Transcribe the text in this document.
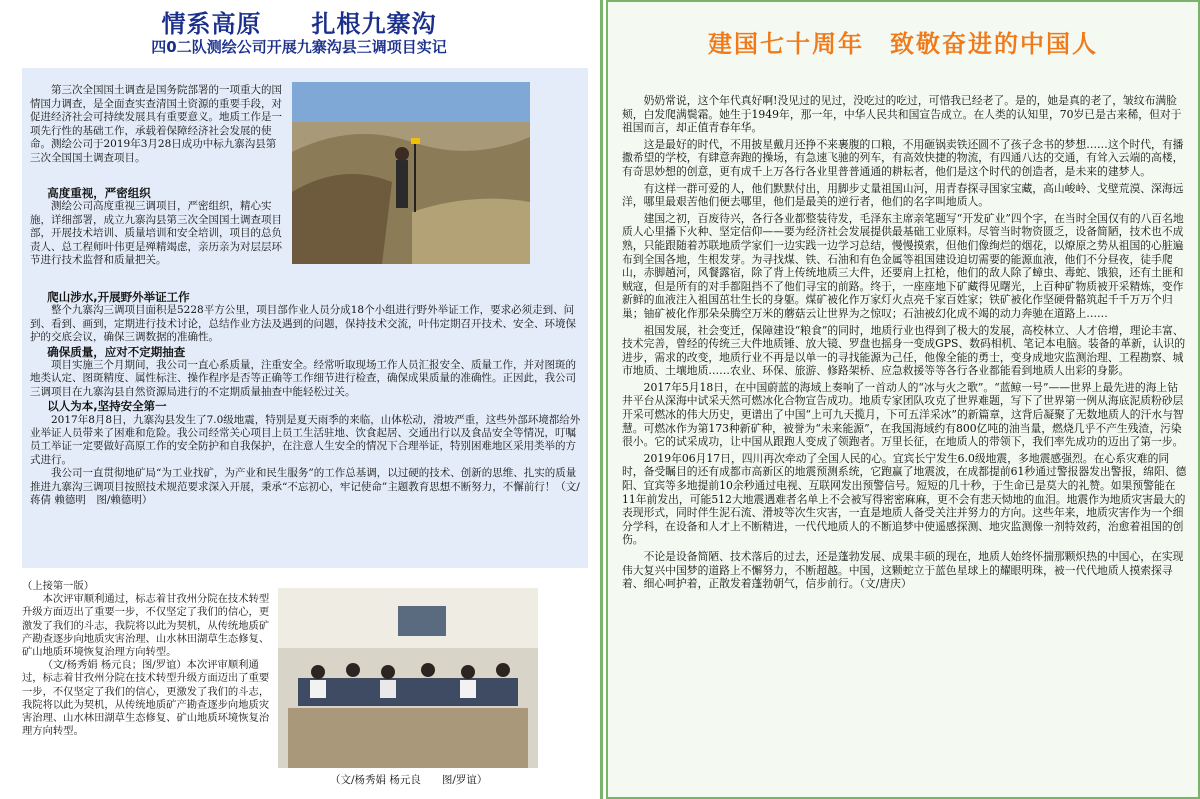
情系高原　　扎根九寨沟
四0二队测绘公司开展九寨沟县三调项目实记

第三次全国国土调查是国务院部署的一项重大的国情国力调查，是全面查实查清国土资源的重要手段，对促进经济社会可持续发展具有重要意义。地质工作是一项先行性的基础工作，承载着保障经济社会发展的使命。测绘公司于2019年3月28日成功中标九寨沟县第三次全国国土调查项目。

高度重视，严密组织

测绘公司高度重视三调项目，严密组织，精心实施，详细部署，成立九寨沟县第三次全国国土调查项目部，开展技术培训、质量培训和安全培训，项目的总负责人、总工程师叶伟更是殚精竭虑，亲历亲为对层层环节进行技术监督和质量把关。

爬山涉水,开展野外举证工作

整个九寨沟三调项目面积是5228平方公里，项目部作业人员分成18个小组进行野外举证工作，要求必须走到、问到、看到、画到，定期进行技术讨论，总结作业方法及遇到的问题，保持技术交流，叶伟定期召开技术、安全、环境保护的交底会议，确保三调数据的准确性。

确保质量，应对不定期抽查

项目实施三个月期间，我公司一直心系质量，注重安全。经常听取现场工作人员汇报安全、质量工作，并对图斑的地类认定、图斑精度、属性标注、操作程序是否等正确等工作细节进行检查，确保成果质量的准确性。正因此，我公司三调项目在九寨沟县自然资源局进行的不定期质量抽查中能轻松过关。

以人为本,坚持安全第一

2017年8月8日，九寨沟县发生了7.0级地震，特别是夏天雨季的来临，山体松动，滑坡严重，这些外部环境都给外业举证人员带来了困难和危险。我公司经常关心项目上员工生活驻地、饮食起居、交通出行以及食品安全等情况，叮嘱员工举证一定要做好高原工作的安全防护和自我保护，在注意人生安全的情况下合理举证，特别困难地区采用类举的方式进行。

我公司一直贯彻地矿局“为工业找矿，为产业和民生服务”的工作总基调，以过硬的技术、创新的思维、扎实的质量推进九寨沟三调项目按照技术规范要求深入开展，秉承“不忘初心，牢记使命”主题教育思想不断努力，不懈前行！（文/蒋倩 赖德明　图/赖德明）

（上接第一版）

本次评审顺利通过，标志着甘孜州分院在技术转型升级方面迈出了重要一步，不仅坚定了我们的信心，更激发了我们的斗志，我院将以此为契机，从传统地质矿产勘查逐步向地质灾害治理、山水林田湖草生态修复、矿山地质环境恢复治理方向转型。

（文/杨秀娟 杨元良；图/罗谊）本次评审顺利通过，标志着甘孜州分院在技术转型升级方面迈出了重要一步，不仅坚定了我们的信心，更激发了我们的斗志，我院将以此为契机，从传统地质矿产勘查逐步向地质灾害治理、山水林田湖草生态修复、矿山地质环境恢复治理方向转型。

（文/杨秀娟 杨元良　　图/罗谊）
建国七十周年　致敬奋进的中国人

奶奶常说，这个年代真好啊!没见过的见过，没吃过的吃过，可惜我已经老了。是的，她是真的老了，皱纹布满脸颊，白发爬满鬓霜。她生于1949年，那一年，中华人民共和国宣告成立。在人类的认知里，70岁已是古来稀，但对于祖国而言，却正值青春年华。

这是最好的时代，不用披星戴月还挣不来裹腹的口粮，不用砸锅卖铁还圆不了孩子念书的梦想……这个时代，有播撒希望的学校，有肆意奔跑的操场，有急速飞驰的列车，有高效快捷的物流，有四通八达的交通，有耸入云端的高楼，有奇思妙想的创意，更有成千上万各行各业里普普通通的耕耘者，他们是这个时代的创造者，是未来的建梦人。

有这样一群可爱的人，他们默默付出，用脚步丈量祖国山河，用青春探寻国家宝藏，高山峻岭、戈壁荒漠、深海远洋，哪里最艰苦他们便去哪里，他们是最美的逆行者，他们的名字叫地质人。

建国之初，百废待兴，各行各业都整装待发，毛泽东主席亲笔题写“开发矿业”四个字，在当时全国仅有的八百名地质人心里播下火种、坚定信仰——要为经济社会发展提供最基础工业原料。尽管当时物资匮乏，设备简陋，技术也不成熟，只能跟随着苏联地质学家们一边实践一边学习总结，慢慢摸索，但他们像绚烂的烟花，以燎原之势从祖国的心脏遍布到全国各地，生根发芽。为寻找煤、铁、石油和有色金属等祖国建设迫切需要的能源血液，他们不分昼夜，徒手爬山，赤脚趟河，风餐露宿，除了背上传统地质三大件，还要肩上扛枪，他们的敌人除了蟑虫、毒蛇、饿狼，还有土匪和贼寇，但是所有的对手都阻挡不了他们寻宝的前路。终于，一座座地下矿藏得见曙光，上百种矿物质被开采精炼，变作新鲜的血液注入祖国茁壮生长的身躯。煤矿被化作万家灯火点亮千家百姓家；铁矿被化作坚硬骨骼筑起千千万万个归巢；铀矿被化作那朵朵腾空万米的蘑菇云让世界为之惊叹；石油被幻化成不竭的动力奔驰在道路上……

祖国发展，社会变迁，保障建设“粮食”的同时，地质行业也得到了极大的发展，高校林立、人才倍增，理论丰富、技术完善，曾经的传统三大件地质锤、放大镜、罗盘也摇身一变成GPS、数码相机、笔记本电脑。装备的革新，认识的进步，需求的改变，地质行业不再是以单一的寻找能源为己任，他像全能的勇士，变身成地灾监测治理、工程勘察、城市地质、土壤地质……农业、环保、旅游、修路架桥、应急救援等等各行各业都能看到地质人出彩的身影。

2017年5月18日，在中国蔚蓝的海域上奏响了一首动人的“冰与火之歌”。“蓝鲸一号”——世界上最先进的海上钻井平台从深海中试采天然可燃冰化合物宣告成功。地质专家团队攻克了世界难题，写下了世界第一例从海底泥质粉砂层开采可燃冰的伟大历史，更谱出了中国“上可九天揽月，下可五洋采冰”的新篇章，这背后凝聚了无数地质人的汗水与智慧。可燃冰作为第173种新矿种，被誉为“未来能源”，在我国海域约有800亿吨的油当量，燃烧几乎不产生残渣，污染很小。它的试采成功，让中国从跟跑人变成了领跑者。万里长征，在地质人的带领下，我们率先成功的迈出了第一步。

2019年06月17日，四川再次牵动了全国人民的心。宜宾长宁发生6.0级地震，多地震感强烈。在心系灾难的同时，备受瞩目的还有成都市高新区的地震预测系统，它跑赢了地震波，在成都提前61秒通过警报器发出警报，绵阳、德阳、宜宾等多地提前10余秒通过电视、互联网发出预警信号。短短的几十秒，于生命已是莫大的礼赞。如果预警能在11年前发出，可能512大地震遇难者名单上不会被写得密密麻麻，更不会有悲天恸地的血泪。地震作为地质灾害最大的表现形式，同时伴生泥石流、滑坡等次生灾害，一直是地质人备受关注并努力的方向。这些年来，地质灾害作为一个细分学科，在设备和人才上不断精进，一代代地质人的不断追梦中使遥感探测、地灾监测像一剂特效药，治愈着祖国的创伤。

不论是设备简陋、技术落后的过去，还是蓬勃发展、成果丰硕的现在，地质人始终怀揣那颗炽热的中国心，在实现伟大复兴中国梦的道路上不懈努力，不断超越。中国，这颗蛇立于蓝色星球上的耀眼明珠，被一代代地质人摸索探寻着、细心呵护着，正散发着蓬勃朝气，信步前行。（文/唐庆）
